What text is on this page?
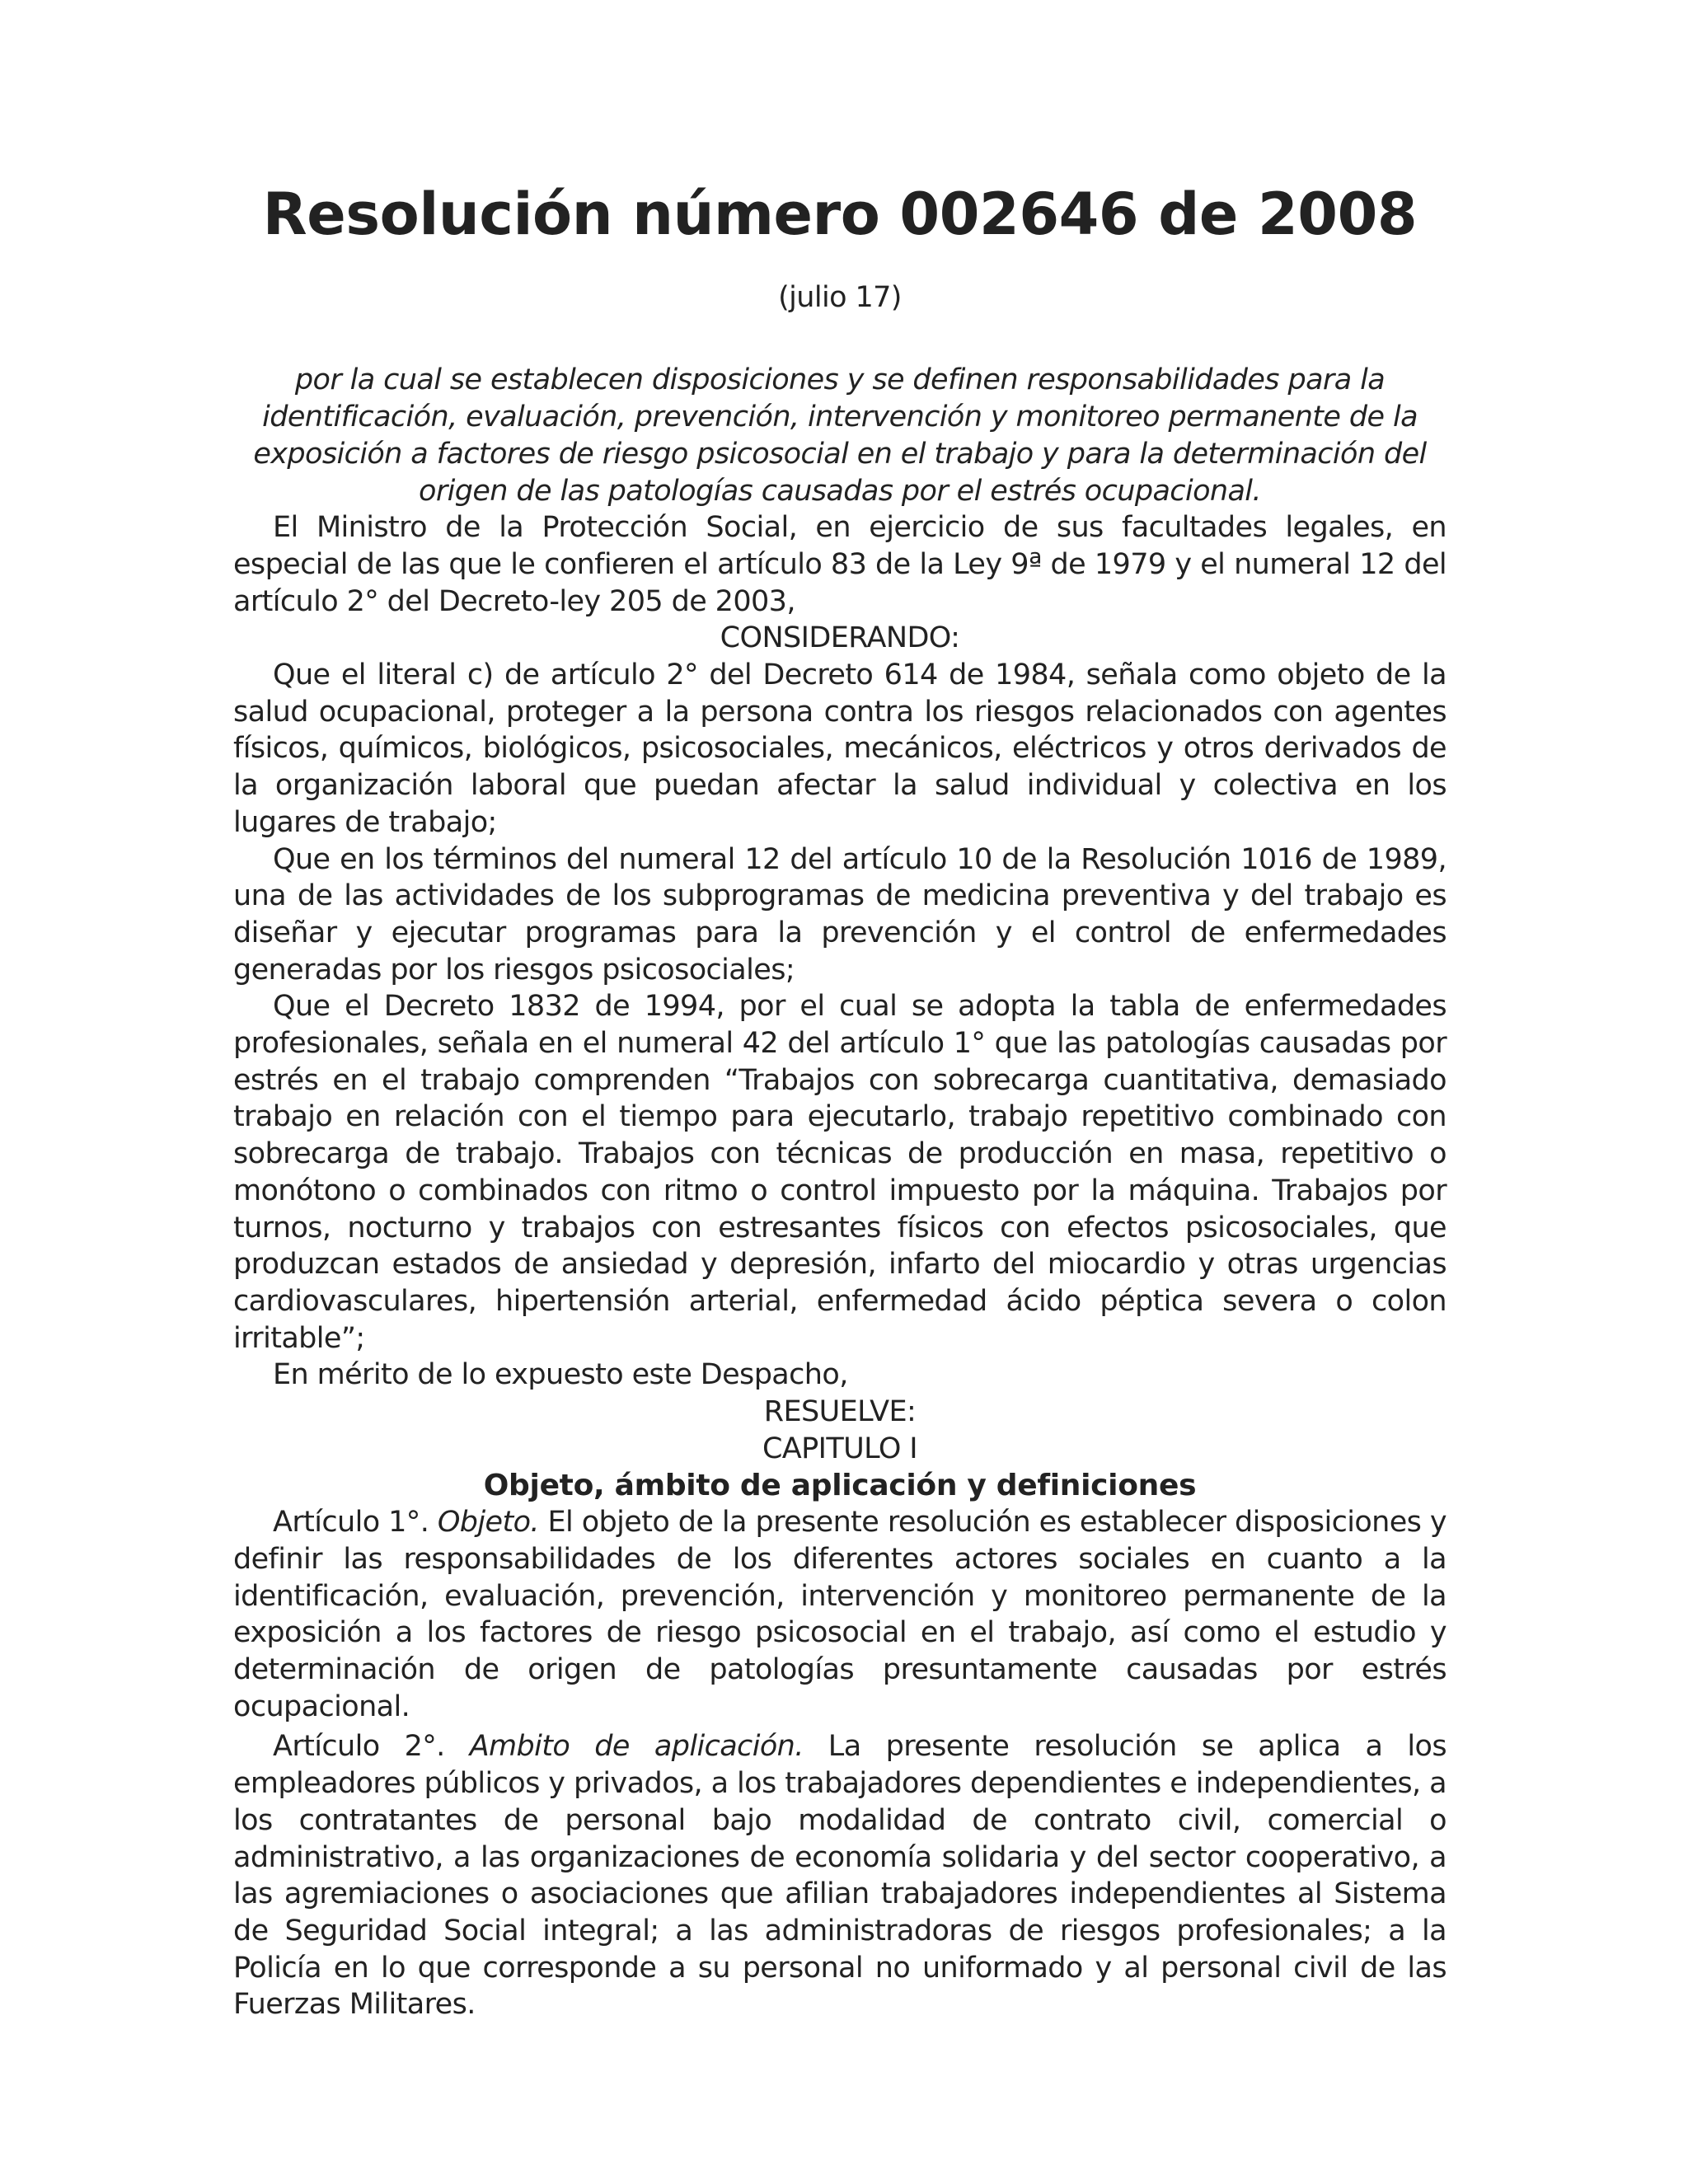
Resolución número 002646 de 2008

(julio 17)

por la cual se establecen disposiciones y se definen responsabilidades para la identificación, evaluación, prevención, intervención y monitoreo permanente de la exposición a factores de riesgo psicosocial en el trabajo y para la determinación del origen de las patologías causadas por el estrés ocupacional.

El Ministro de la Protección Social, en ejercicio de sus facultades legales, en especial de las que le confieren el artículo 83 de la Ley 9ª de 1979 y el numeral 12 del artículo 2° del Decreto-ley 205 de 2003,

CONSIDERANDO:

Que el literal c) de artículo 2° del Decreto 614 de 1984, señala como objeto de la salud ocupacional, proteger a la persona contra los riesgos relacionados con agentes físicos, químicos, biológicos, psicosociales, mecánicos, eléctricos y otros derivados de la organización laboral que puedan afectar la salud individual y colectiva en los lugares de trabajo;

Que en los términos del numeral 12 del artículo 10 de la Resolución 1016 de 1989, una de las actividades de los subprogramas de medicina preventiva y del trabajo es diseñar y ejecutar programas para la prevención y el control de enfermedades generadas por los riesgos psicosociales;

Que el Decreto 1832 de 1994, por el cual se adopta la tabla de enfermedades profesionales, señala en el numeral 42 del artículo 1° que las patologías causadas por estrés en el trabajo comprenden “Trabajos con sobrecarga cuantitativa, demasiado trabajo en relación con el tiempo para ejecutarlo, trabajo repetitivo combinado con sobrecarga de trabajo. Trabajos con técnicas de producción en masa, repetitivo o monótono o combinados con ritmo o control impuesto por la máquina. Trabajos por turnos, nocturno y trabajos con estresantes físicos con efectos psicosociales, que produzcan estados de ansiedad y depresión, infarto del miocardio y otras urgencias cardiovasculares, hipertensión arterial, enfermedad ácido péptica severa o colon irritable”;

En mérito de lo expuesto este Despacho,

RESUELVE:

CAPITULO I

Objeto, ámbito de aplicación y definiciones

Artículo 1°. Objeto. El objeto de la presente resolución es establecer disposiciones y definir las responsabilidades de los diferentes actores sociales en cuanto a la identificación, evaluación, prevención, intervención y monitoreo permanente de la exposición a los factores de riesgo psicosocial en el trabajo, así como el estudio y determinación de origen de patologías presuntamente causadas por estrés ocupacional.

Artículo 2°. Ambito de aplicación. La presente resolución se aplica a los empleadores públicos y privados, a los trabajadores dependientes e independientes, a los contratantes de personal bajo modalidad de contrato civil, comercial o administrativo, a las organizaciones de economía solidaria y del sector cooperativo, a las agremiaciones o asociaciones que afilian trabajadores independientes al Sistema de Seguridad Social integral; a las administradoras de riesgos profesionales; a la Policía en lo que corresponde a su personal no uniformado y al personal civil de las Fuerzas Militares.
